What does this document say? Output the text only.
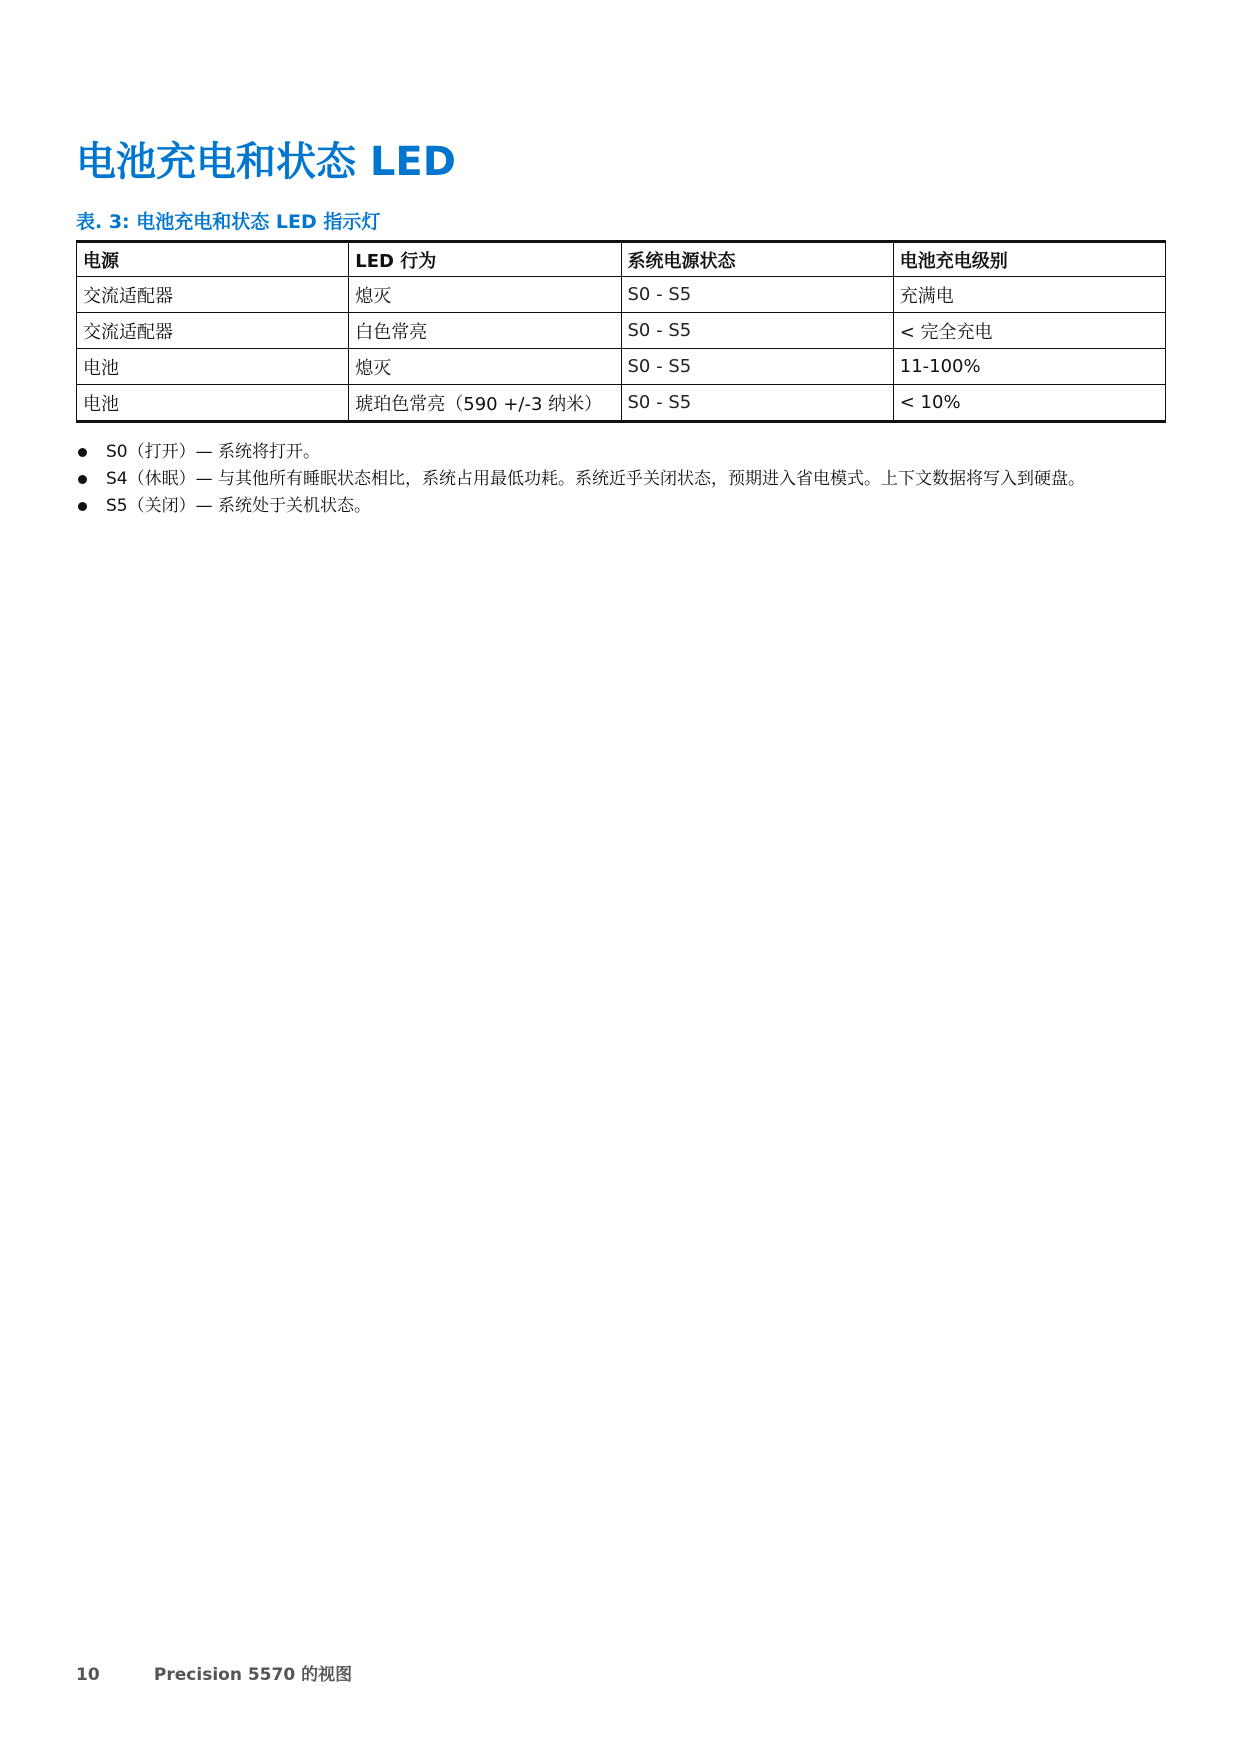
电池充电和状态 LED
表. 3: 电池充电和状态 LED 指示灯
电源	LED 行为	系统电源状态	电池充电级别
交流适配器	熄灭	S0 - S5	充满电
交流适配器	白色常亮	S0 - S5	< 完全充电
电池	熄灭	S0 - S5	11-100%
电池	琥珀色常亮（590 +/-3 纳米）	S0 - S5	< 10%
S0（打开）— 系统将打开。
S4（休眠）— 与其他所有睡眠状态相比，系统占用最低功耗。系统近乎关闭状态，预期进入省电模式。上下文数据将写入到硬盘。
S5（关闭）— 系统处于关机状态。
10	Precision 5570 的视图
